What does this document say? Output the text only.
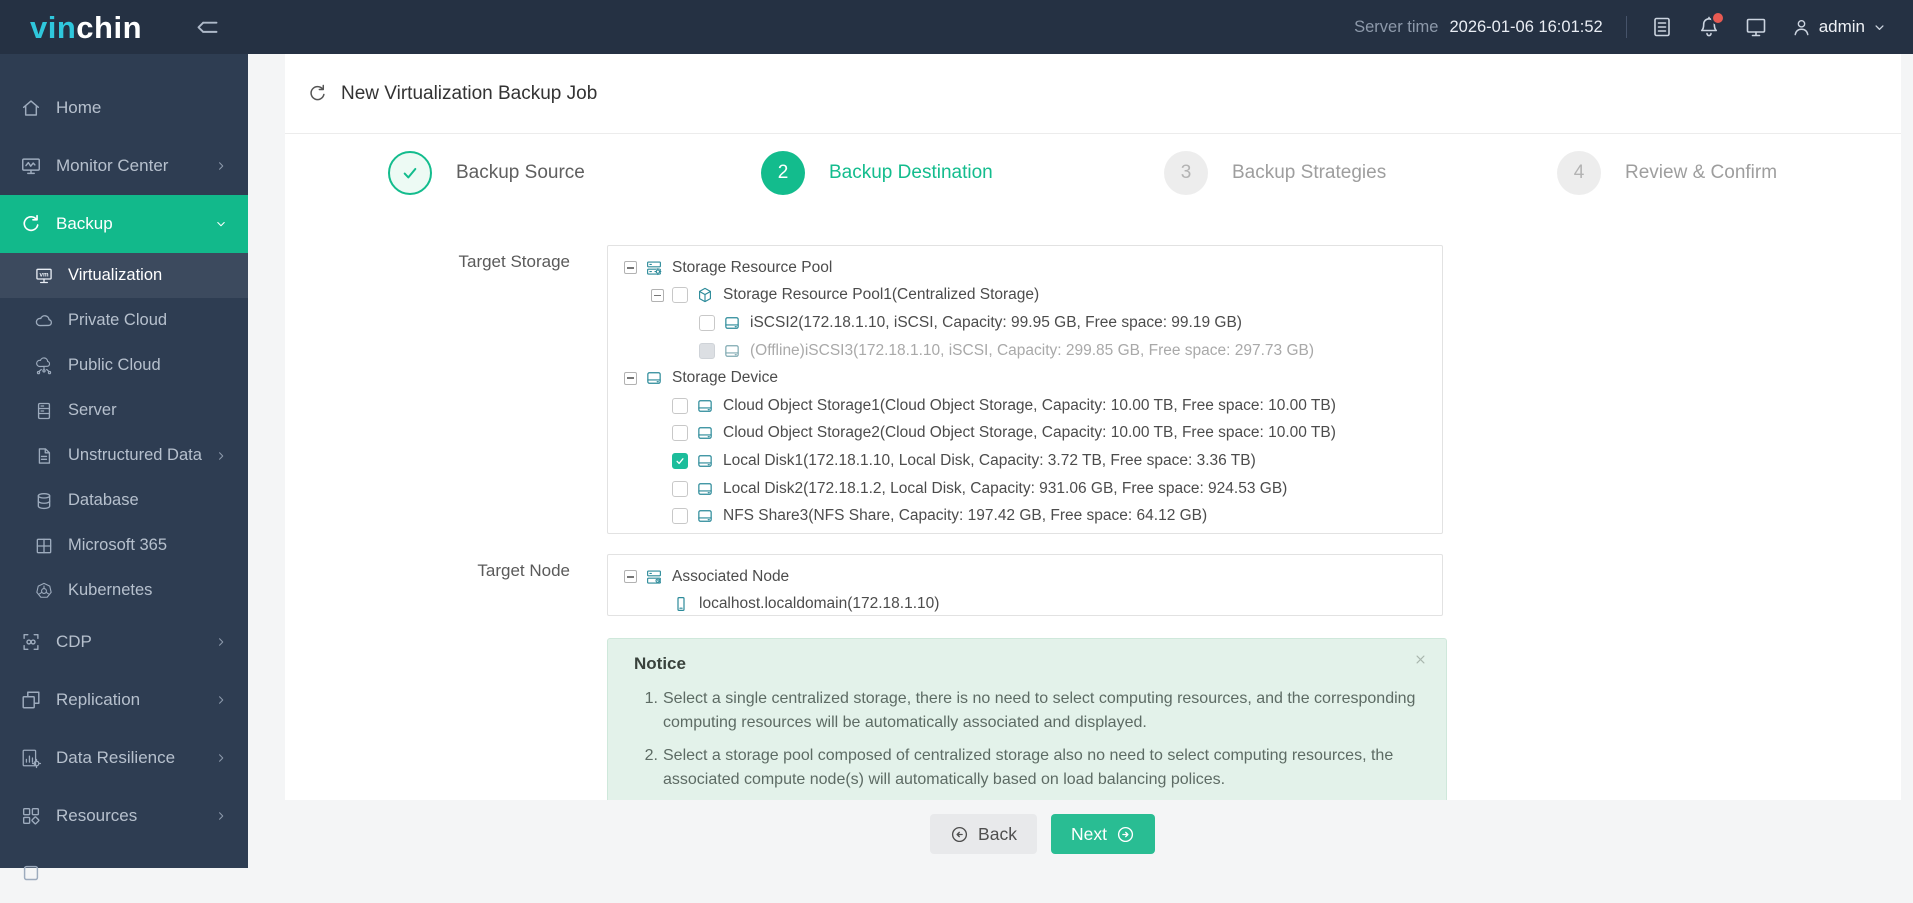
vinchin	Server time 2026-01-06 16:01:52	admin
Home
Monitor Center
Backup
vm Virtualization
Private Cloud
Public Cloud
Server
Unstructured Data
Database
Microsoft 365
Kubernetes
CDP
Replication
Data Resilience
Resources
New Virtualization Backup Job
Backup Source	2	Backup Destination	3	Backup Strategies	4	Review & Confirm
Target Storage	Storage Resource Pool
Storage Resource Pool1(Centralized Storage)
iSCSI2(172.18.1.10, iSCSI, Capacity: 99.95 GB, Free space: 99.19 GB)
(Offline)iSCSI3(172.18.1.10, iSCSI, Capacity: 299.85 GB, Free space: 297.73 GB)
Storage Device
Cloud Object Storage1(Cloud Object Storage, Capacity: 10.00 TB, Free space: 10.00 TB)
Cloud Object Storage2(Cloud Object Storage, Capacity: 10.00 TB, Free space: 10.00 TB)
Local Disk1(172.18.1.10, Local Disk, Capacity: 3.72 TB, Free space: 3.36 TB)
Local Disk2(172.18.1.2, Local Disk, Capacity: 931.06 GB, Free space: 924.53 GB)
NFS Share3(NFS Share, Capacity: 197.42 GB, Free space: 64.12 GB)
Target Node	Associated Node
localhost.localdomain(172.18.1.10)
Notice
1. Select a single centralized storage, there is no need to select computing resources, and the corresponding computing resources will be automatically associated and displayed.
2. Select a storage pool composed of centralized storage also no need to select computing resources, the associated compute node(s) will automatically based on load balancing polices.
Back	Next
